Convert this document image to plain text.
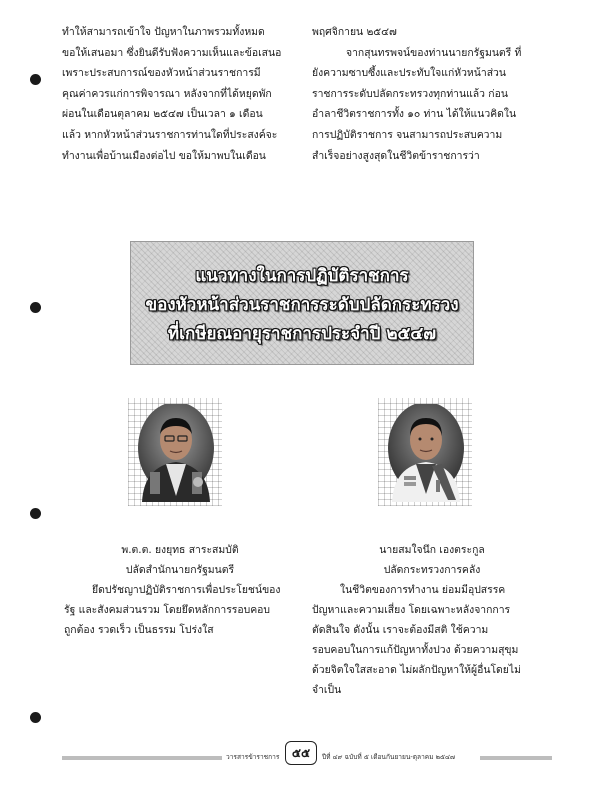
ทำให้สามารถเข้าใจ ปัญหาในภาพรวมทั้งหมด
ขอให้เสนอมา ซึ่งยินดีรับฟังความเห็นและข้อเสนอ
เพราะประสบการณ์ของหัวหน้าส่วนราชการมี
คุณค่าควรแก่การพิจารณา หลังจากที่ได้หยุดพัก
ผ่อนในเดือนตุลาคม ๒๕๔๗ เป็นเวลา ๑ เดือน
แล้ว หากหัวหน้าส่วนราชการท่านใดที่ประสงค์จะ
ทำงานเพื่อบ้านเมืองต่อไป ขอให้มาพบในเดือน
พฤศจิกายน ๒๕๔๗
จากสุนทรพจน์ของท่านนายกรัฐมนตรี ที่
ยังความซาบซึ้งและประทับใจแก่หัวหน้าส่วน
ราชการระดับปลัดกระทรวงทุกท่านแล้ว ก่อน
อำลาชีวิตราชการทั้ง ๑๐ ท่าน ได้ให้แนวคิดใน
การปฏิบัติราชการ จนสามารถประสบความ
สำเร็จอย่างสูงสุดในชีวิตข้าราชการว่า
แนวทางในการปฏิบัติราชการ
ของหัวหน้าส่วนราชการระดับปลัดกระทรวง
ที่เกษียณอายุราชการประจำปี ๒๕๔๗
พ.ต.ต. ยงยุทธ สาระสมบัติ
ปลัดสำนักนายกรัฐมนตรี
ยึดปรัชญาปฏิบัติราชการเพื่อประโยชน์ของ
รัฐ และสังคมส่วนรวม โดยยึดหลักการรอบคอบ
ถูกต้อง รวดเร็ว เป็นธรรม โปร่งใส
นายสมใจนึก เองตระกูล
ปลัดกระทรวงการคลัง
ในชีวิตของการทำงาน ย่อมมีอุปสรรค
ปัญหาและความเสี่ยง โดยเฉพาะหลังจากการ
ตัดสินใจ ดังนั้น เราจะต้องมีสติ ใช้ความ
รอบคอบในการแก้ปัญหาทั้งปวง ด้วยความสุขุม
ด้วยจิตใจใสสะอาด ไม่ผลักปัญหาให้ผู้อื่นโดยไม่
จำเป็น
วารสารข้าราชการ	๕๕	ปีที่ ๔๙ ฉบับที่ ๕ เดือนกันยายน-ตุลาคม ๒๕๔๗
